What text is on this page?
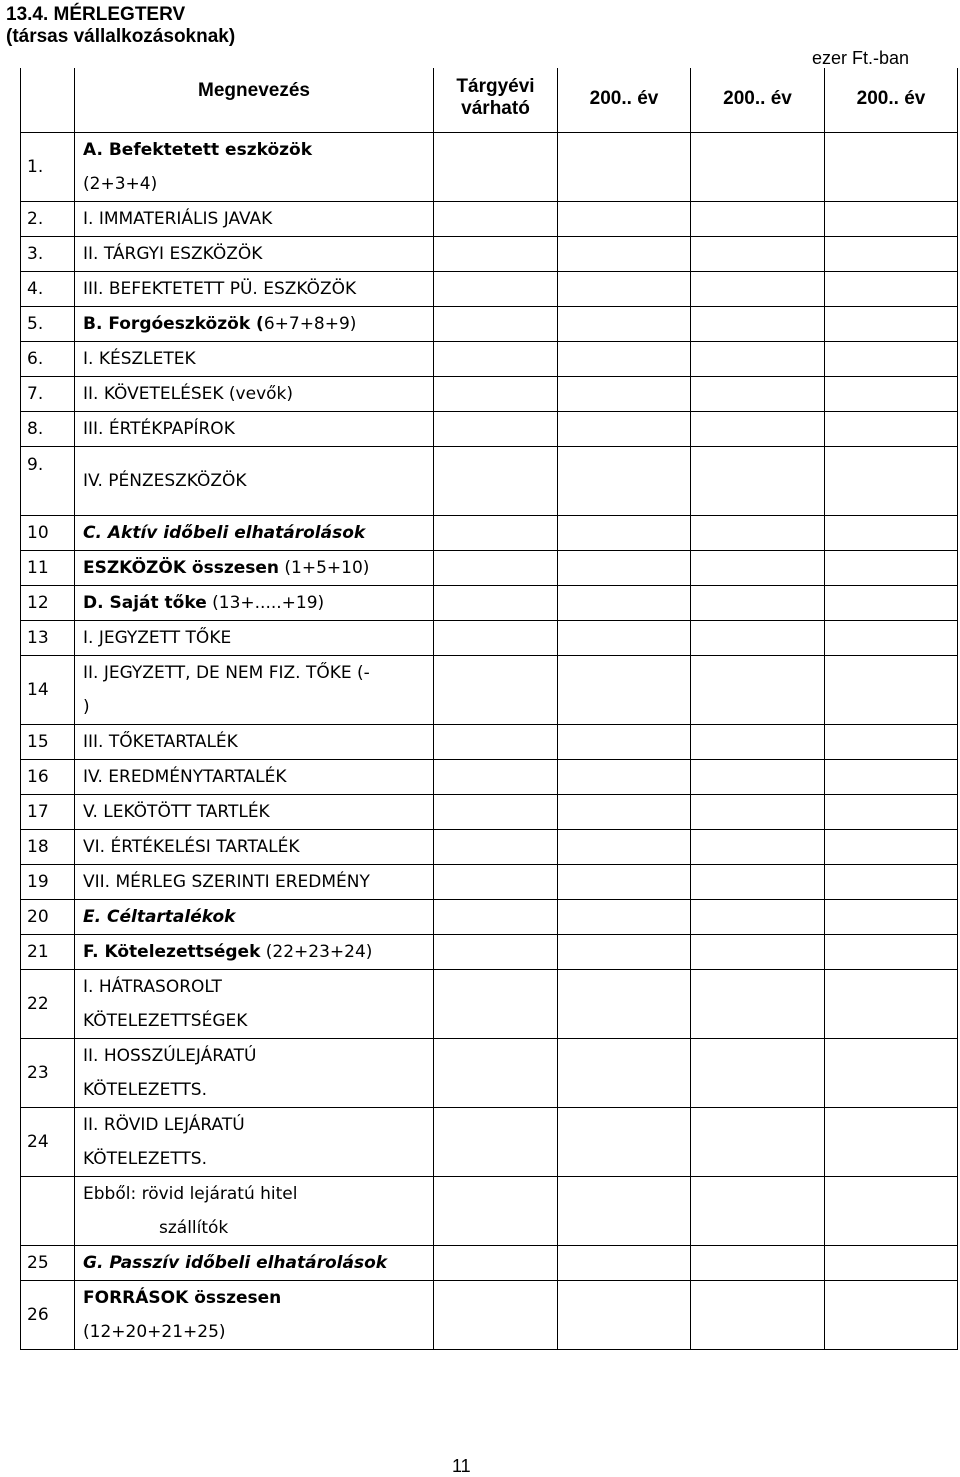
13.4. MÉRLEGTERV
(társas vállalkozásoknak)
ezer Ft.-ban
	Megnevezés	Tárgyévi
várható	200.. év	200.. év	200.. év
1.	A. Befektetett eszközök
(2+3+4)				

2.	I. IMMATERIÁLIS JAVAK				
3.	II. TÁRGYI ESZKÖZÖK				
4.	III. BEFEKTETETT PÜ. ESZKÖZÖK				
5.	B. Forgóeszközök (6+7+8+9)				
6.	I. KÉSZLETEK				
7.	II. KÖVETELÉSEK (vevők)				
8.	III. ÉRTÉKPAPÍROK				
9.	IV. PÉNZESZKÖZÖK				
10	C. Aktív időbeli elhatárolások				
11	ESZKÖZÖK összesen (1+5+10)				
12	D. Saját tőke (13+.....+19)				
13	I. JEGYZETT TŐKE				
14	II. JEGYZETT, DE NEM FIZ. TŐKE (-
)				

15	III. TŐKETARTALÉK				
16	IV. EREDMÉNYTARTALÉK				
17	V. LEKÖTÖTT TARTLÉK				
18	VI. ÉRTÉKELÉSI TARTALÉK				
19	VII. MÉRLEG SZERINTI EREDMÉNY				
20	E. Céltartalékok				
21	F. Kötelezettségek (22+23+24)				
22	I. HÁTRASOROLT
KÖTELEZETTSÉGEK				

23	II. HOSSZÚLEJÁRATÚ
KÖTELEZETTS.				

24	II. RÖVID LEJÁRATÚ
KÖTELEZETTS.				

	Ebből: rövid lejáratú hitel
szállítók				

25	G. Passzív időbeli elhatárolások				
26	FORRÁSOK összesen
(12+20+21+25)				

11
